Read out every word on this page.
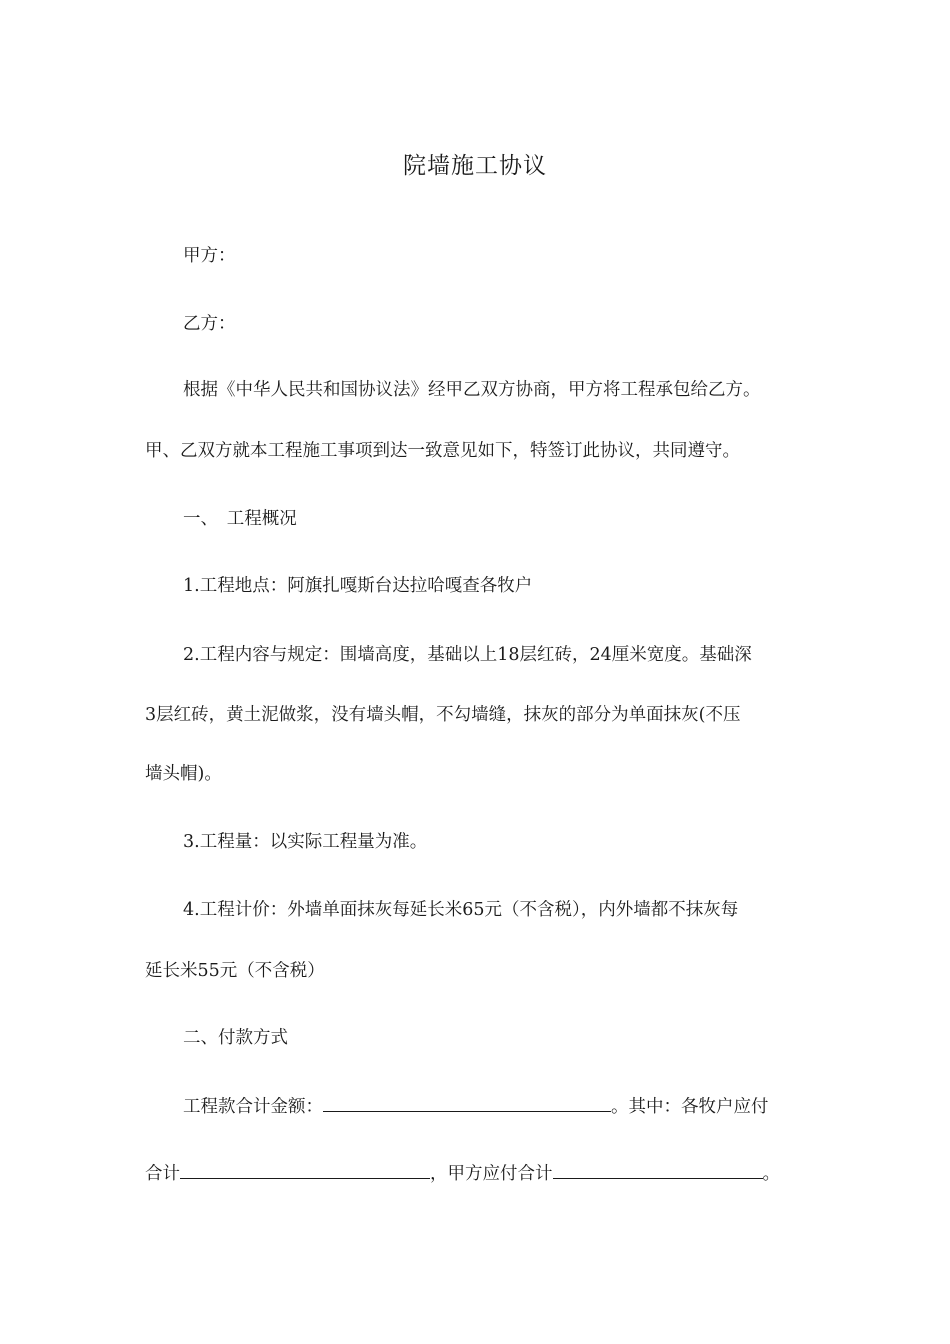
院墙施工协议
甲方：
乙方：
根据《中华人民共和国协议法》经甲乙双方协商，甲方将工程承包给乙方。
甲、乙双方就本工程施工事项到达一致意见如下，特签订此协议，共同遵守。
一、　工程概况
1.工程地点：阿旗扎嘎斯台达拉哈嘎查各牧户
2.工程内容与规定：围墙高度，基础以上18层红砖，24厘米宽度。基础深
3层红砖，黄土泥做浆，没有墙头帽，不勾墙缝，抹灰的部分为单面抹灰(不压
墙头帽)。
3.工程量：以实际工程量为准。
4.工程计价：外墙单面抹灰每延长米65元（不含税），内外墙都不抹灰每
延长米55元（不含税）
二、付款方式
工程款合计金额：	。其中：各牧户应付
合计	，甲方应付合计	。
